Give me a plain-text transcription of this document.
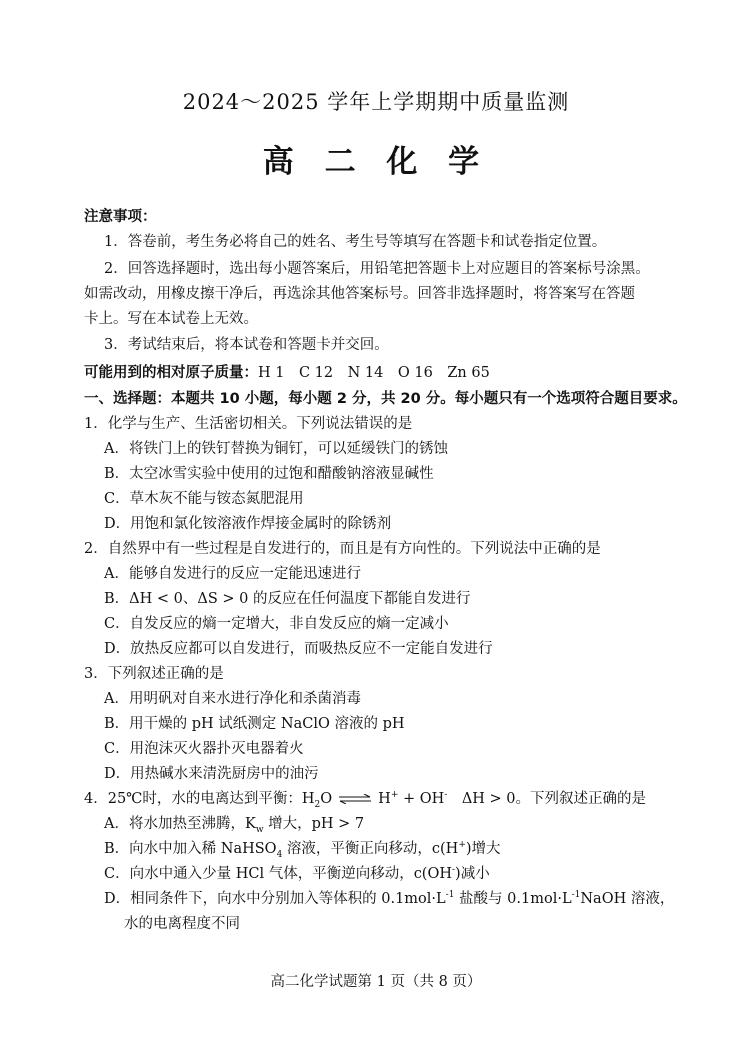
2024～2025 学年上学期期中质量监测
高 二 化 学
注意事项：
1．答卷前，考生务必将自己的姓名、考生号等填写在答题卡和试卷指定位置。
2．回答选择题时，选出每小题答案后，用铅笔把答题卡上对应题目的答案标号涂黑。
如需改动，用橡皮擦干净后，再选涂其他答案标号。回答非选择题时，将答案写在答题
卡上。写在本试卷上无效。
3．考试结束后，将本试卷和答题卡并交回。
可能用到的相对原子质量：H 1　C 12　N 14　O 16　Zn 65
一、选择题：本题共 10 小题，每小题 2 分，共 20 分。每小题只有一个选项符合题目要求。
1．化学与生产、生活密切相关。下列说法错误的是
A．将铁门上的铁钉替换为铜钉，可以延缓铁门的锈蚀
B．太空冰雪实验中使用的过饱和醋酸钠溶液显碱性
C．草木灰不能与铵态氮肥混用
D．用饱和氯化铵溶液作焊接金属时的除锈剂
2．自然界中有一些过程是自发进行的，而且是有方向性的。下列说法中正确的是
A．能够自发进行的反应一定能迅速进行
B．ΔH < 0、ΔS > 0 的反应在任何温度下都能自发进行
C．自发反应的熵一定增大，非自发反应的熵一定减小
D．放热反应都可以自发进行，而吸热反应不一定能自发进行
3．下列叙述正确的是
A．用明矾对自来水进行净化和杀菌消毒
B．用干燥的 pH 试纸测定 NaClO 溶液的 pH
C．用泡沫灭火器扑灭电器着火
D．用热碱水来清洗厨房中的油污
4．25℃时，水的电离达到平衡：$H_2O$ ⇌ H+ + OH-　ΔH > 0。下列叙述正确的是
A．将水加热至沸腾，$K_w$ 增大，pH > 7
B．向水中加入稀 NaHSO$_4$ 溶液，平衡正向移动，c(H+)增大
C．向水中通入少量 HCl 气体，平衡逆向移动，c(OH-)减小
D．相同条件下，向水中分别加入等体积的 $0.1mol\cdot L^{-1}$ 盐酸与 $0.1mol\cdot L^{-1}NaOH$ 溶液，
水的电离程度不同
高二化学试题第 1 页（共 8 页）
